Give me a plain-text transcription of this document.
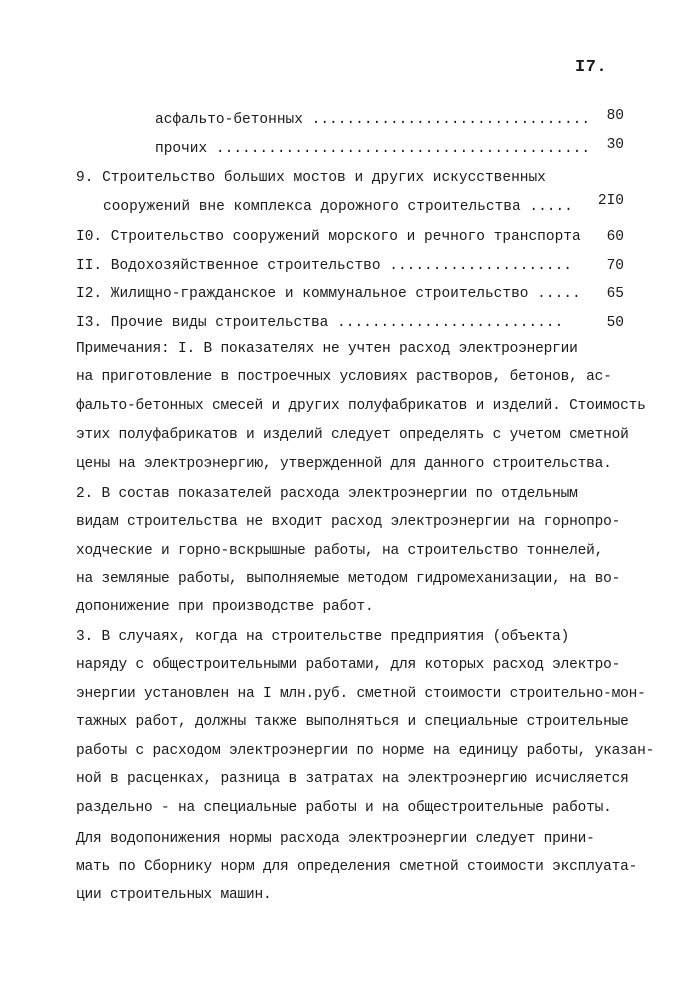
I7.
асфальто-бетонных ................................	80
прочих ...........................................	30
9. Строительство больших мостов и других искусственных
сооружений вне комплекса дорожного строительства .....	2I0
I0. Строительство сооружений морского и речного транспорта	60
II. Водохозяйственное строительство .....................	70
I2. Жилищно-гражданское и коммунальное строительство .....	65
I3. Прочие виды строительства ..........................	50
Примечания: I. В показателях не учтен расход электроэнергии
на приготовление в построечных условиях растворов, бетонов, ас-
фальто-бетонных смесей и других полуфабрикатов и изделий. Стоимость
этих полуфабрикатов и изделий следует определять с учетом сметной
цены на электроэнергию, утвержденной для данного строительства.
2. В состав показателей расхода электроэнергии по отдельным
видам строительства не входит расход электроэнергии на горнопро-
ходческие и горно-вскрышные работы, на строительство тоннелей,
на земляные работы, выполняемые методом гидромеханизации, на во-
допонижение при производстве работ.
3. В случаях, когда на строительстве предприятия (объекта)
наряду с общестроительными работами, для которых расход электро-
энергии установлен на I млн.руб. сметной стоимости строительно-мон-
тажных работ, должны также выполняться и специальные строительные
работы с расходом электроэнергии по норме на единицу работы, указан-
ной в расценках, разница в затратах на электроэнергию исчисляется
раздельно - на специальные работы и на общестроительные работы.
Для водопонижения нормы расхода электроэнергии следует прини-
мать по Сборнику норм для определения сметной стоимости эксплуата-
ции строительных машин.
